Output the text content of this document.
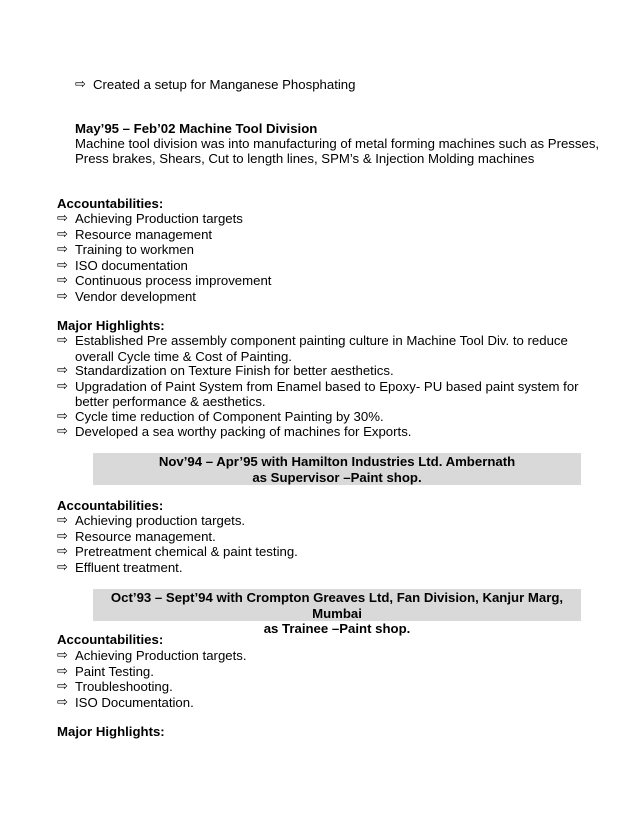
⇨ Created a setup for Manganese Phosphating
May’95 – Feb’02 Machine Tool Division
Machine tool division was into manufacturing of metal forming machines such as Presses,
Press brakes, Shears, Cut to length lines, SPM’s & Injection Molding machines
Accountabilities:
⇨ Achieving Production targets
⇨ Resource management
⇨ Training to workmen
⇨ ISO documentation
⇨ Continuous process improvement
⇨ Vendor development
Major Highlights:
⇨ Established Pre assembly component painting culture in Machine Tool Div. to reduce
overall Cycle time & Cost of Painting.
⇨ Standardization on Texture Finish for better aesthetics.
⇨ Upgradation of Paint System from Enamel based to Epoxy- PU based paint system for
better performance & aesthetics.
⇨ Cycle time reduction of Component Painting by 30%.
⇨ Developed a sea worthy packing of machines for Exports.
Nov’94 – Apr’95 with Hamilton Industries Ltd. Ambernath
as Supervisor –Paint shop.
Accountabilities:
⇨ Achieving production targets.
⇨ Resource management.
⇨ Pretreatment chemical & paint testing.
⇨ Effluent treatment.
Oct’93 – Sept’94 with Crompton Greaves Ltd, Fan Division, Kanjur Marg, Mumbai
as Trainee –Paint shop.
Accountabilities:
⇨ Achieving Production targets.
⇨ Paint Testing.
⇨ Troubleshooting.
⇨ ISO Documentation.
Major Highlights:
